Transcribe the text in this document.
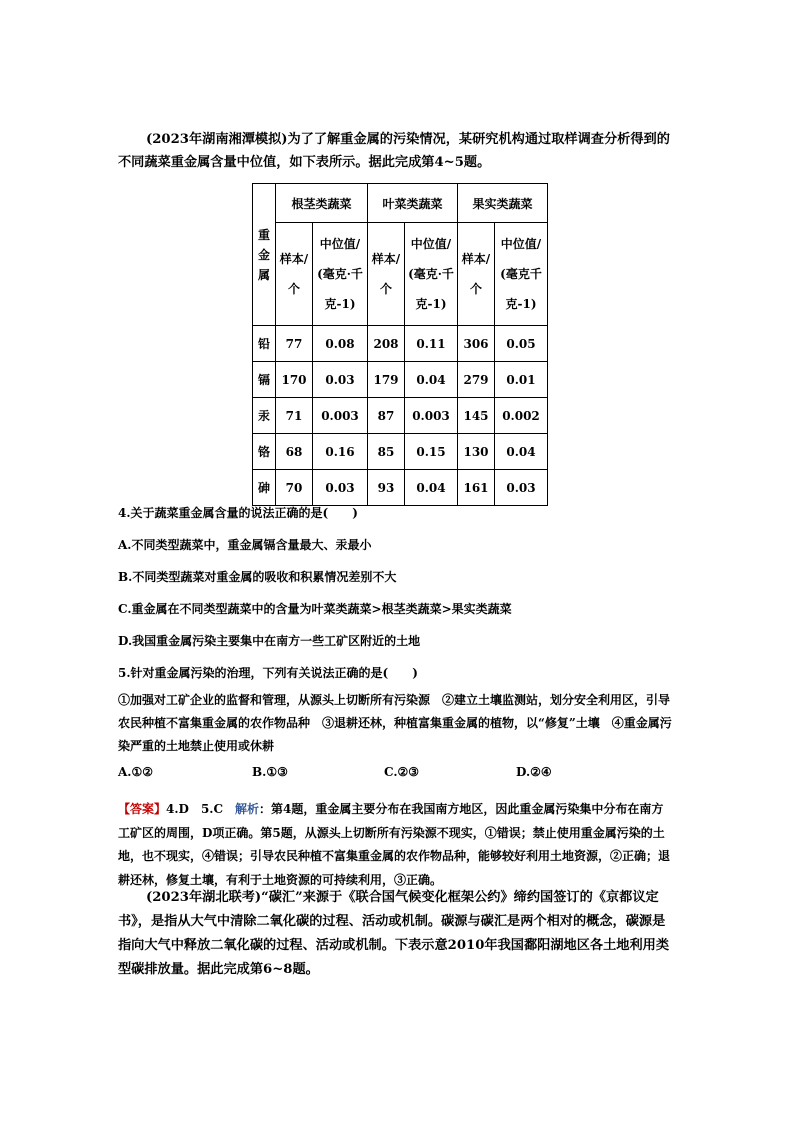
(2023年湖南湘潭模拟)为了了解重金属的污染情况，某研究机构通过取样调查分析得到的不同蔬菜重金属含量中位值，如下表所示。据此完成第4~5题。
重金属	根茎类蔬菜		叶菜类蔬菜		果实类蔬菜	
	样本/个	中位值/(毫克·千克-1)	样本/个	中位值/(毫克·千克-1)	样本/个	中位值/(毫克千克-1)
铅	77	0.08	208	0.11	306	0.05
镉	170	0.03	179	0.04	279	0.01
汞	71	0.003	87	0.003	145	0.002
铬	68	0.16	85	0.15	130	0.04
砷	70	0.03	93	0.04	161	0.03
4.关于蔬菜重金属含量的说法正确的是(　　)
A.不同类型蔬菜中，重金属镉含量最大、汞最小
B.不同类型蔬菜对重金属的吸收和积累情况差别不大
C.重金属在不同类型蔬菜中的含量为叶菜类蔬菜>根茎类蔬菜>果实类蔬菜
D.我国重金属污染主要集中在南方一些工矿区附近的土地
5.针对重金属污染的治理，下列有关说法正确的是(　　)
①加强对工矿企业的监督和管理，从源头上切断所有污染源　②建立土壤监测站，划分安全利用区，引导农民种植不富集重金属的农作物品种　③退耕还林，种植富集重金属的植物，以“修复”土壤　④重金属污染严重的土地禁止使用或休耕
A.①②	B.①③	C.②③	D.②④
【答案】4.D　5.C　解析：第4题，重金属主要分布在我国南方地区，因此重金属污染集中分布在南方工矿区的周围，D项正确。第5题，从源头上切断所有污染源不现实，①错误；禁止使用重金属污染的土地，也不现实，④错误；引导农民种植不富集重金属的农作物品种，能够较好利用土地资源，②正确；退耕还林，修复土壤，有利于土地资源的可持续利用，③正确。
(2023年湖北联考)“碳汇”来源于《联合国气候变化框架公约》缔约国签订的《京都议定书》，是指从大气中清除二氧化碳的过程、活动或机制。碳源与碳汇是两个相对的概念，碳源是指向大气中释放二氧化碳的过程、活动或机制。下表示意2010年我国鄱阳湖地区各土地利用类型碳排放量。据此完成第6~8题。
